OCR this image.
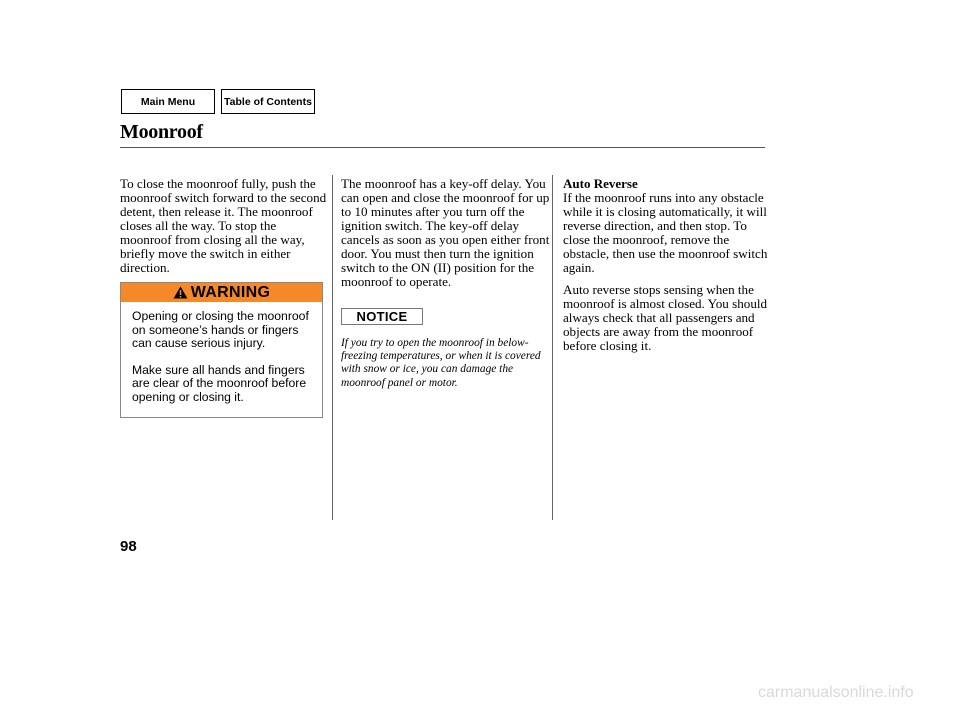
Main Menu	Table of Contents
Moonroof

To close the moonroof fully, push the moonroof switch forward to the second detent, then release it. The moonroof closes all the way. To stop the moonroof from closing all the way, briefly move the switch in either direction.

WARNING

Opening or closing the moonroof on someone’s hands or fingers can cause serious injury.

Make sure all hands and fingers are clear of the moonroof before opening or closing it.

The moonroof has a key-off delay. You can open and close the moonroof for up to 10 minutes after you turn off the ignition switch. The key-off delay cancels as soon as you open either front door. You must then turn the ignition switch to the ON (II) position for the moonroof to operate.

NOTICE

If you try to open the moonroof in below-freezing temperatures, or when it is covered with snow or ice, you can damage the moonroof panel or motor.

Auto Reverse

If the moonroof runs into any obstacle while it is closing automatically, it will reverse direction, and then stop. To close the moonroof, remove the obstacle, then use the moonroof switch again.

Auto reverse stops sensing when the moonroof is almost closed. You should always check that all passengers and objects are away from the moonroof before closing it.

98
carmanualsonline.info
